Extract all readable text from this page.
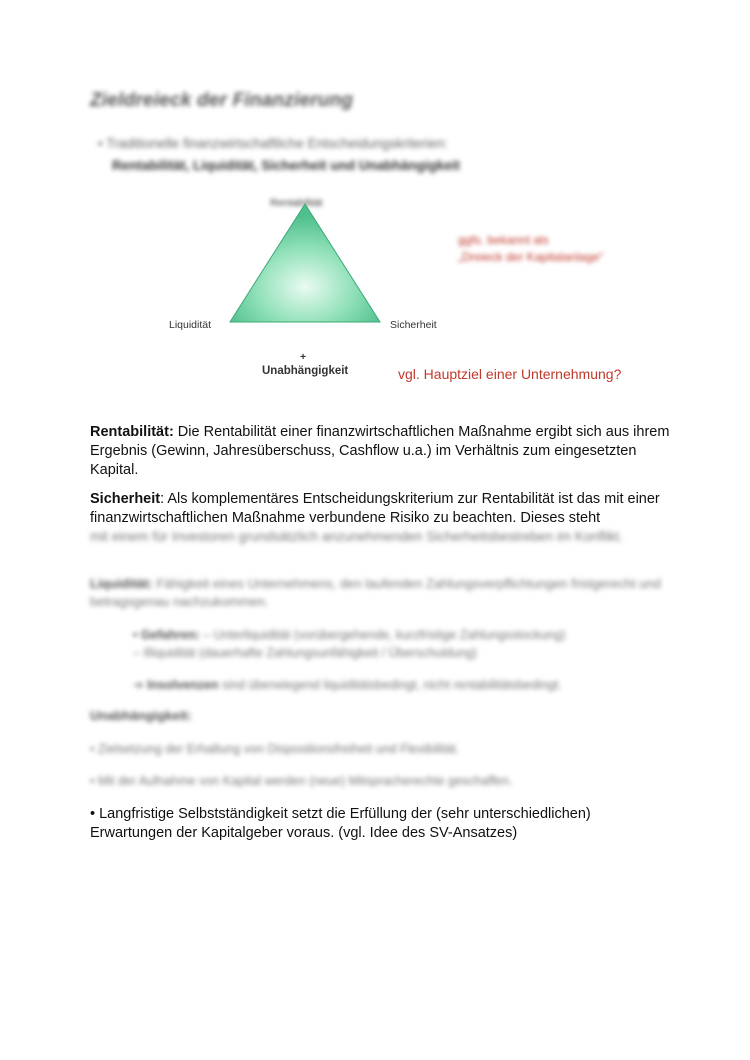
Zieldreieck der Finanzierung
• Traditionelle finanzwirtschaftliche Entscheidungskriterien:
Rentabilität, Liquidität, Sicherheit und Unabhängigkeit
Rentabilität
Liquidität	Sicherheit
+
Unabhängigkeit
ggfs. bekannt als
„Dreieck der Kapitalanlage“
vgl. Hauptziel einer Unternehmung?
Rentabilität: Die Rentabilität einer finanzwirtschaftlichen Maßnahme ergibt sich aus ihrem Ergebnis (Gewinn, Jahresüberschuss, Cashflow u.a.) im Verhältnis zum eingesetzten Kapital.
Sicherheit: Als komplementäres Entscheidungskriterium zur Rentabilität ist das mit einer finanzwirtschaftlichen Maßnahme verbundene Risiko zu beachten. Dieses steht
mit einem für Investoren grundsätzlich anzunehmenden Sicherheitsbestreben im Konflikt.
Liquidität: Fähigkeit eines Unternehmens, den laufenden Zahlungsverpflichtungen fristgerecht und betragsgenau nachzukommen.
• Gefahren: – Unterliquidität (vorübergehende, kurzfristige Zahlungsstockung)
– Illiquidität (dauerhafte Zahlungsunfähigkeit / Überschuldung)
➔ Insolvenzen sind überwiegend liquiditätsbedingt, nicht rentabilitätsbedingt.
Unabhängigkeit:
• Zielsetzung der Erhaltung von Dispositionsfreiheit und Flexibilität.
• Mit der Aufnahme von Kapital werden (neue) Mitspracherechte geschaffen.
• Langfristige Selbstständigkeit setzt die Erfüllung der (sehr unterschiedlichen) Erwartungen der Kapitalgeber voraus. (vgl. Idee des SV-Ansatzes)
